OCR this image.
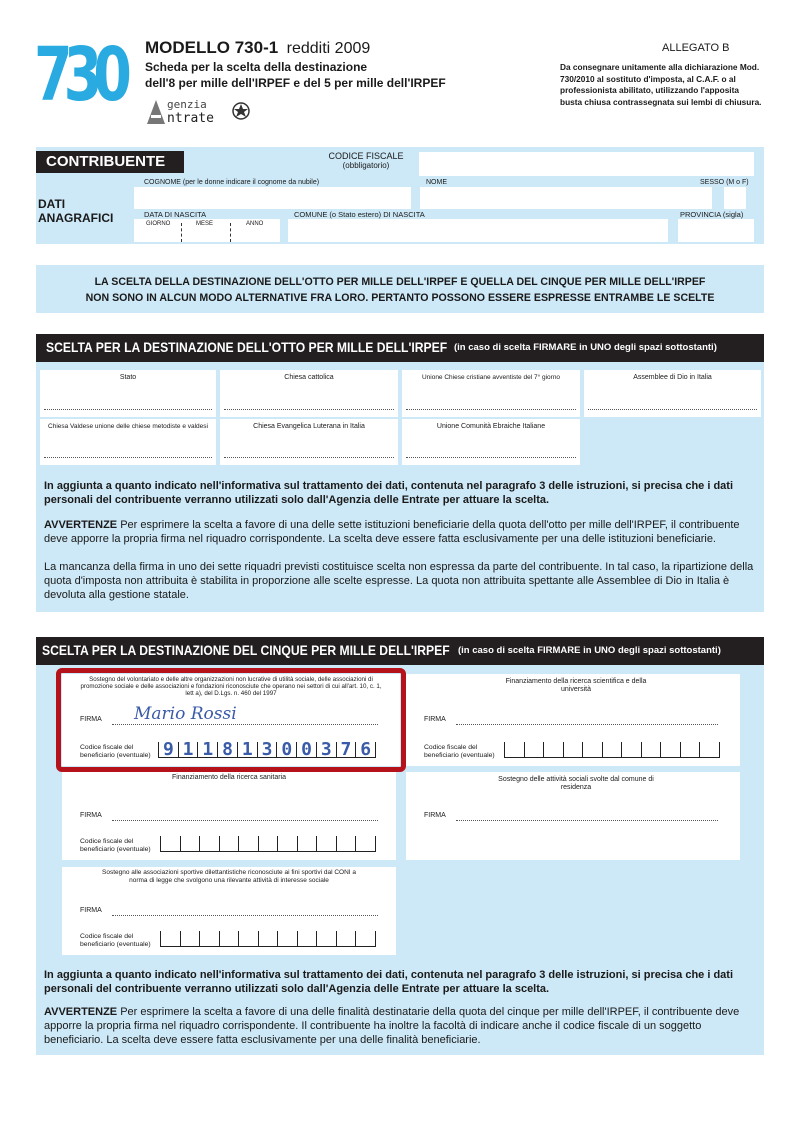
730 MODELLO 730-1 redditi 2009
Scheda per la scelta della destinazione
dell'8 per mille dell'IRPEF e del 5 per mille dell'IRPEF
genzia
ntrate
ALLEGATO B
Da consegnare unitamente alla dichiarazione Mod. 730/2010 al sostituto d'imposta, al C.A.F. o al professionista abilitato, utilizzando l'apposita busta chiusa contrassegnata sui lembi di chiusura.
CONTRIBUENTE	CODICE FISCALE
(obbligatorio)
DATI
ANAGRAFICI
COGNOME (per le donne indicare il cognome da nubile)	NOME	SESSO (M o F)
DATA DI NASCITA
GIORNO	MESE	ANNO
COMUNE (o Stato estero) DI NASCITA	PROVINCIA (sigla)
LA SCELTA DELLA DESTINAZIONE DELL'OTTO PER MILLE DELL'IRPEF E QUELLA DEL CINQUE PER MILLE DELL'IRPEF
NON SONO IN ALCUN MODO ALTERNATIVE FRA LORO. PERTANTO POSSONO ESSERE ESPRESSE ENTRAMBE LE SCELTE
SCELTA PER LA DESTINAZIONE DELL'OTTO PER MILLE DELL'IRPEF (in caso di scelta FIRMARE in UNO degli spazi sottostanti)
Stato	Chiesa cattolica	Unione Chiese cristiane avventiste del 7° giorno	Assemblee di Dio in Italia
Chiesa Valdese unione delle chiese metodiste e valdesi	Chiesa Evangelica Luterana in Italia	Unione Comunità Ebraiche Italiane
In aggiunta a quanto indicato nell'informativa sul trattamento dei dati, contenuta nel paragrafo 3 delle istruzioni, si precisa che i dati personali del contribuente verranno utilizzati solo dall'Agenzia delle Entrate per attuare la scelta.
AVVERTENZE Per esprimere la scelta a favore di una delle sette istituzioni beneficiarie della quota dell'otto per mille dell'IRPEF, il contribuente deve apporre la propria firma nel riquadro corrispondente. La scelta deve essere fatta esclusivamente per una delle istituzioni beneficiarie.
La mancanza della firma in uno dei sette riquadri previsti costituisce scelta non espressa da parte del contribuente. In tal caso, la ripartizione della quota d'imposta non attribuita è stabilita in proporzione alle scelte espresse. La quota non attribuita spettante alle Assemblee di Dio in Italia è devoluta alla gestione statale.
SCELTA PER LA DESTINAZIONE DEL CINQUE PER MILLE DELL'IRPEF (in caso di scelta FIRMARE in UNO degli spazi sottostanti)
Sostegno del volontariato e delle altre organizzazioni non lucrative di utilità sociale, delle associazioni di promozione sociale e delle associazioni e fondazioni riconosciute che operano nei settori di cui all'art. 10, c. 1, lett a), del D.Lgs. n. 460 del 1997
FIRMA Mario Rossi
Codice fiscale del
beneficiario (eventuale) 9 1 1 8 1 3 0 0 3 7 6
Finanziamento della ricerca scientifica e della università
FIRMA
Codice fiscale del
beneficiario (eventuale)
Finanziamento della ricerca sanitaria
FIRMA
Codice fiscale del
beneficiario (eventuale)
Sostegno delle attività sociali svolte dal comune di residenza
FIRMA
Sostegno alle associazioni sportive dilettantistiche riconosciute ai fini sportivi dal CONI a norma di legge che svolgono una rilevante attività di interesse sociale
FIRMA
Codice fiscale del
beneficiario (eventuale)
In aggiunta a quanto indicato nell'informativa sul trattamento dei dati, contenuta nel paragrafo 3 delle istruzioni, si precisa che i dati personali del contribuente verranno utilizzati solo dall'Agenzia delle Entrate per attuare la scelta.
AVVERTENZE Per esprimere la scelta a favore di una delle finalità destinatarie della quota del cinque per mille dell'IRPEF, il contribuente deve apporre la propria firma nel riquadro corrispondente. Il contribuente ha inoltre la facoltà di indicare anche il codice fiscale di un soggetto beneficiario. La scelta deve essere fatta esclusivamente per una delle finalità beneficiarie.
